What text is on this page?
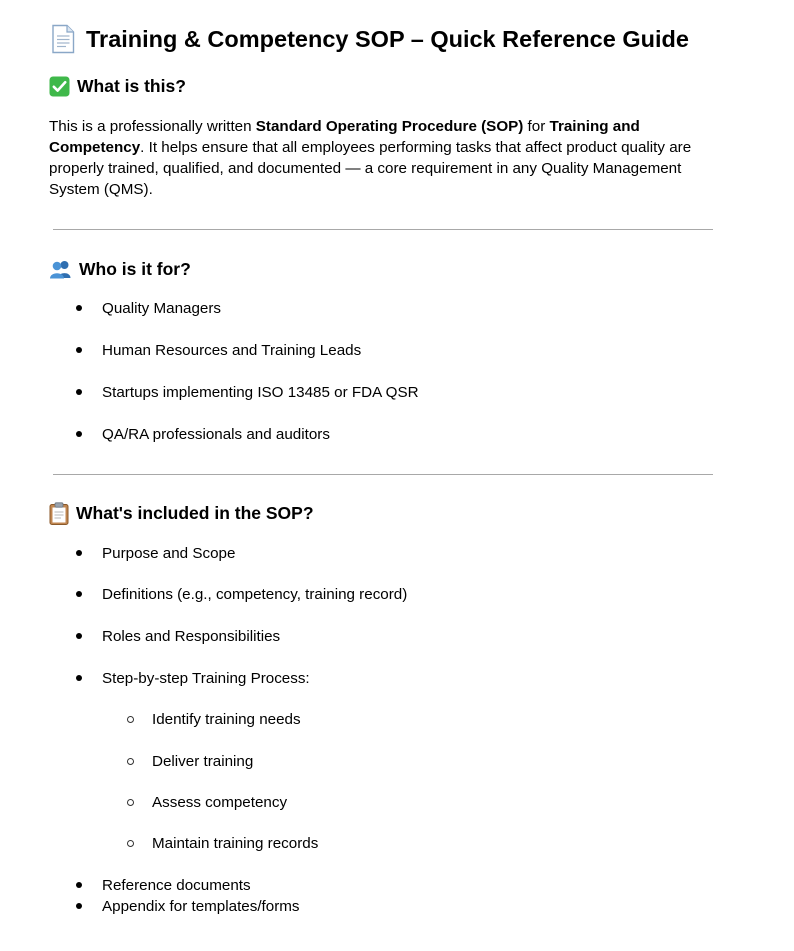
Training & Competency SOP – Quick Reference Guide
What is this?
This is a professionally written Standard Operating Procedure (SOP) for Training and Competency. It helps ensure that all employees performing tasks that affect product quality are properly trained, qualified, and documented — a core requirement in any Quality Management System (QMS).
Who is it for?
Quality Managers
Human Resources and Training Leads
Startups implementing ISO 13485 or FDA QSR
QA/RA professionals and auditors
What's included in the SOP?
Purpose and Scope
Definitions (e.g., competency, training record)
Roles and Responsibilities
Step-by-step Training Process:
Identify training needs
Deliver training
Assess competency
Maintain training records
Reference documents
Appendix for templates/forms
